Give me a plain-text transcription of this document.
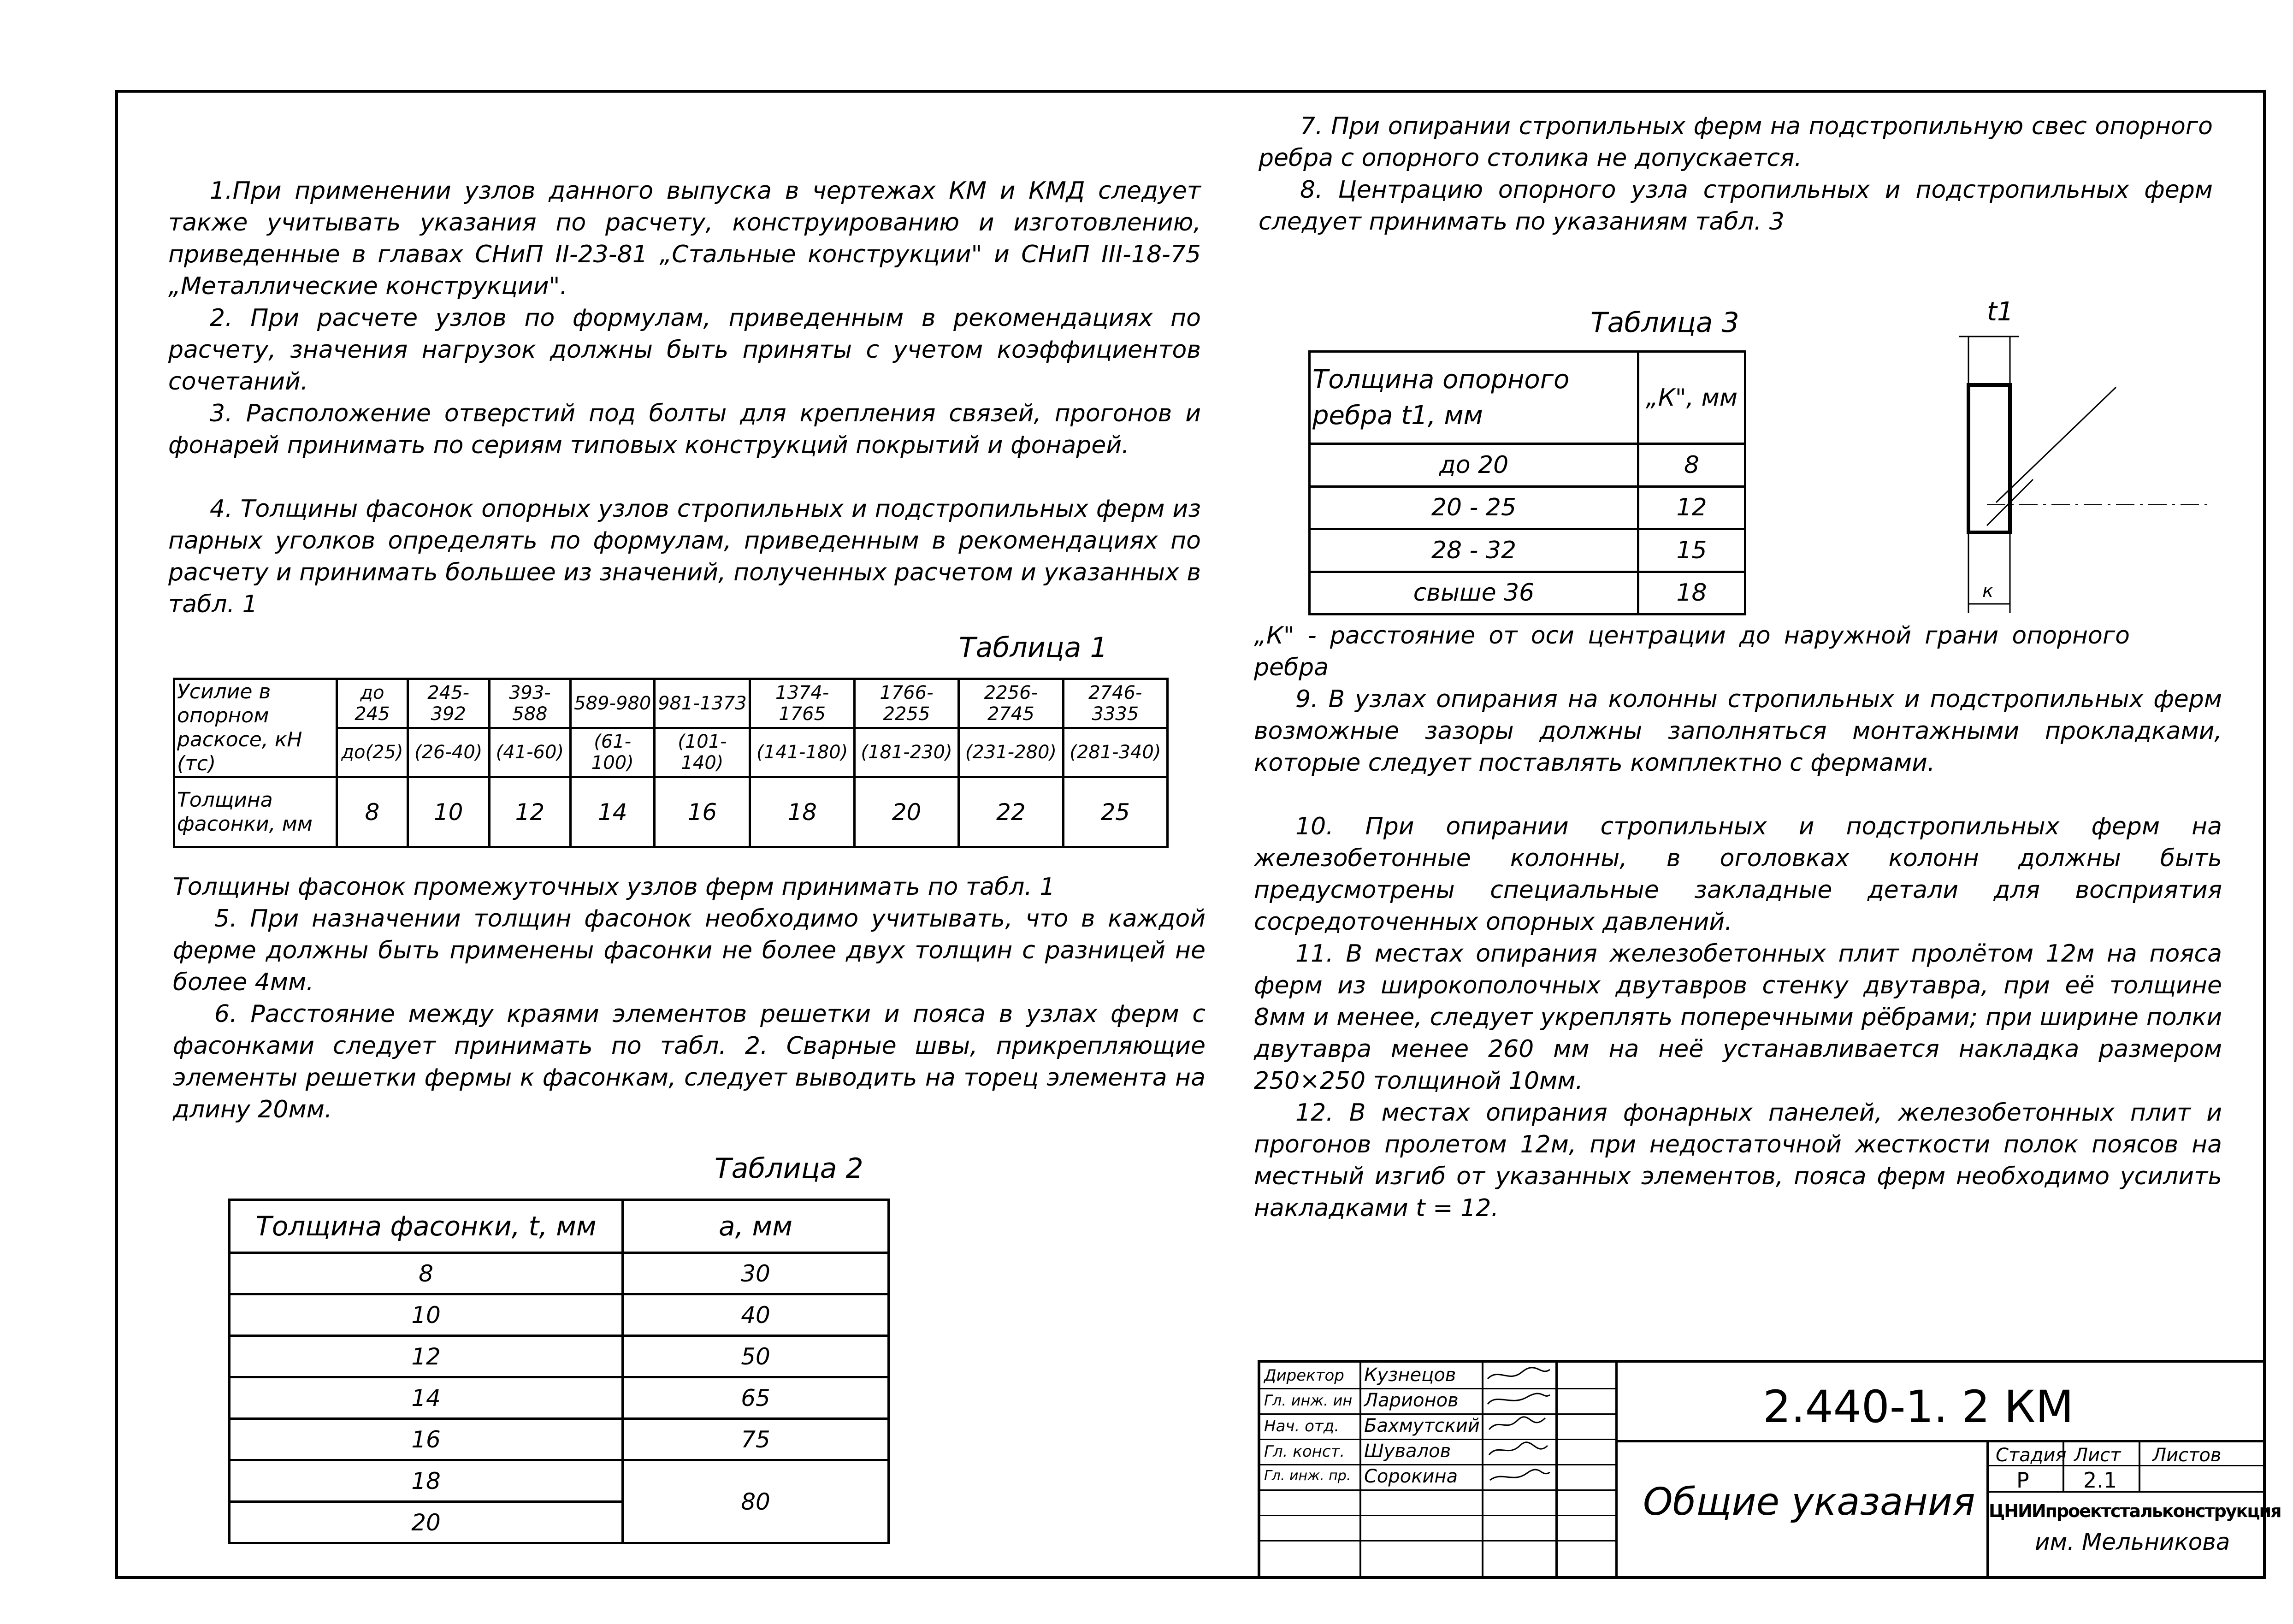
1.При применении узлов данного выпуска в чертежах КМ и КМД следует также учитывать указания по расчету, конструированию и изготовлению, приведенные в главах СНиП II-23-81 „Стальные конструкции" и СНиП III-18-75 „Металлические конструкции".

2. При расчете узлов по формулам, приведенным в рекомендациях по расчету, значения нагрузок должны быть приняты с учетом коэффициентов сочетаний.

3. Расположение отверстий под болты для крепления связей, прогонов и фонарей принимать по сериям типовых конструкций покрытий и фонарей.

4. Толщины фасонок опорных узлов стропильных и подстропильных ферм из парных уголков определять по формулам, приведенным в рекомендациях по расчету и принимать большее из значений, полученных расчетом и указанных в табл. 1

Таблица 1
Усилие в опорном раскосе, кН (тс)	до 245	245-392	393-588	589-980	981-1373	1374-1765	1766-2255	2256-2745	2746-3335
	до(25)	(26-40)	(41-60)	(61-100)	(101-140)	(141-180)	(181-230)	(231-280)	(281-340)
Толщина фасонки, мм	8	10	12	14	16	18	20	22	25

Толщины фасонок промежуточных узлов ферм принимать по табл. 1

5. При назначении толщин фасонок необходимо учитывать, что в каждой ферме должны быть применены фасонки не более двух толщин с разницей не более 4мм.

6. Расстояние между краями элементов решетки и пояса в узлах ферм с фасонками следует принимать по табл. 2. Сварные швы, прикрепляющие элементы решетки фермы к фасонкам, следует выводить на торец элемента на длину 20мм.

Таблица 2
Толщина фасонки, t, мм	а, мм
8	30
10	40
12	50
14	65
16	75
18	80
20	

7. При опирании стропильных ферм на подстропильную свес опорного ребра с опорного столика не допускается.

8. Центрацию опорного узла стропильных и подстропильных ферм следует принимать по указаниям табл. 3

Таблица 3
Толщина опорного ребра t1, мм	„К", мм
до 20	8
20 - 25	12
28 - 32	15
свыше 36	18
t1
к

„К" - расстояние от оси центрации до наружной грани опорного ребра

9. В узлах опирания на колонны стропильных и подстропильных ферм возможные зазоры должны заполняться монтажными прокладками, которые следует поставлять комплектно с фермами.

10. При опирании стропильных и подстропильных ферм на железобетонные колонны, в оголовках колонн должны быть предусмотрены специальные закладные детали для восприятия сосредоточенных опорных давлений.

11. В местах опирания железобетонных плит пролётом 12м на пояса ферм из широкополочных двутавров стенку двутавра, при её толщине 8мм и менее, следует укреплять поперечными рёбрами; при ширине полки двутавра менее 260 мм на неё устанавливается накладка размером 250×250 толщиной 10мм.

12. В местах опирания фонарных панелей, железобетонных плит и прогонов пролетом 12м, при недостаточной жесткости полок поясов на местный изгиб от указанных элементов, пояса ферм необходимо усилить накладками t = 12.

Директор Кузнецов
Гл. инж. ин Ларионов
Нач. отд. Бахмутский
Гл. конст. Шувалов
Гл. инж. пр. Сорокина
2.440-1. 2 КМ
Общие указания
Стадия Лист Листов
Р	2.1
ЦНИИпроектстальконструкция
им. Мельникова
